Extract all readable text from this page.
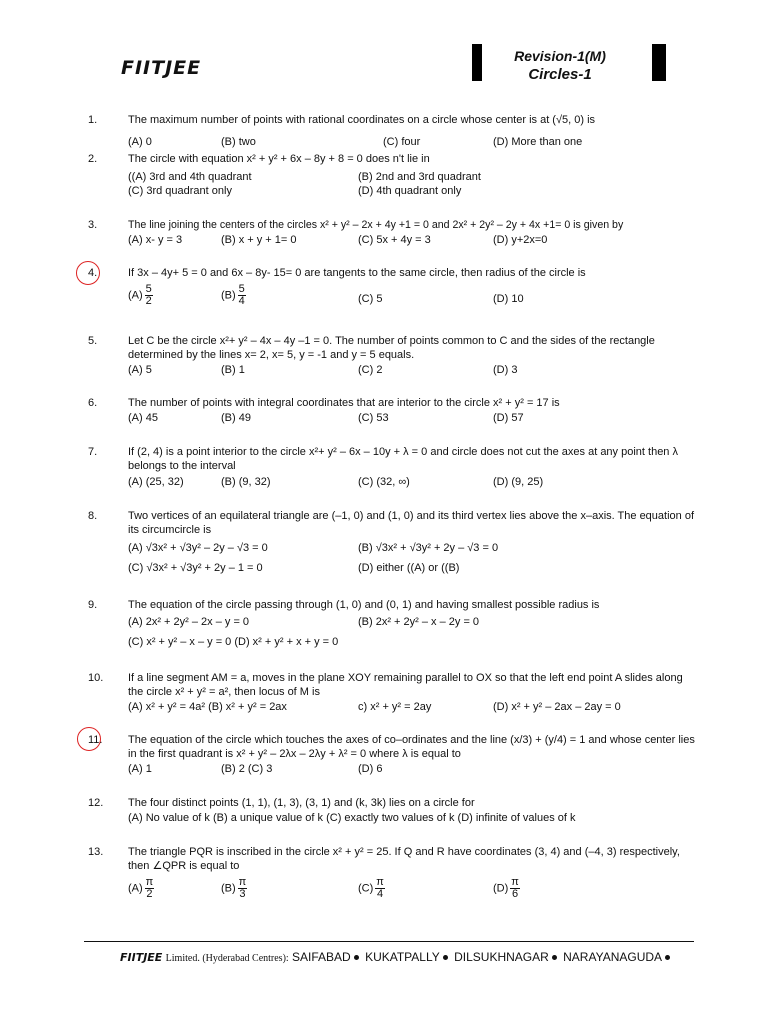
FIITJEE
Revision-1(M)
Circles-1
1.	The maximum number of points with rational coordinates on a circle whose center is at (√5, 0) is
(A) 0	(B) two	(C) four	(D) More than one
2.	The circle with equation x² + y² + 6x – 8y + 8 = 0 does n't lie in
((A) 3rd and 4th quadrant	(B) 2nd and 3rd quadrant
(C) 3rd quadrant only	(D) 4th quadrant only
3.	The line joining the centers of the circles x² + y² – 2x + 4y +1 = 0 and 2x² + 2y² – 2y + 4x +1= 0 is given by
(A) x- y = 3	(B) x + y + 1= 0	(C) 5x + 4y = 3	(D) y+2x=0
4.	If 3x – 4y+ 5 = 0 and 6x – 8y- 15= 0 are tangents to the same circle, then radius of the circle is
$(A) \frac{5}{2}$	$(B) \frac{5}{4}$	(C) 5	(D) 10
5.	Let C be the circle x²+ y² – 4x – 4y –1 = 0. The number of points common to C and the sides of the rectangle determined by the lines x= 2, x= 5, y = -1 and y = 5 equals.
(A) 5	(B) 1	(C) 2	(D) 3
6.	The number of points with integral coordinates that are interior to the circle x² + y² = 17 is
(A) 45	(B) 49	(C) 53	(D) 57
7.	If (2, 4) is a point interior to the circle x²+ y² – 6x – 10y + λ = 0 and circle does not cut the axes at any point then λ belongs to the interval
(A) (25, 32)	(B) (9, 32)	(C) (32, ∞)	(D) (9, 25)
8.	Two vertices of an equilateral triangle are (–1, 0) and (1, 0) and its third vertex lies above the x–axis. The equation of its circumcircle is
(A) √3x² + √3y² – 2y – √3 = 0	(B) √3x² + √3y² + 2y – √3 = 0
(C) √3x² + √3y² + 2y – 1 = 0	(D) either ((A) or ((B)
9.	The equation of the circle passing through (1, 0) and (0, 1) and having smallest possible radius is
(A) 2x² + 2y² – 2x – y = 0	(B) 2x² + 2y² – x – 2y = 0
(C) x² + y² – x – y = 0 (D) x² + y² + x + y = 0
10. If a line segment AM = a, moves in the plane XOY remaining parallel to OX so that the left end point A slides along the circle x² + y² = a², then locus of M is
(A) x² + y² = 4a² (B) x² + y² = 2ax	c) x² + y² = 2ay	(D) x² + y² – 2ax – 2ay = 0
11. The equation of the circle which touches the axes of co–ordinates and the line (x/3) + (y/4) = 1 and whose center lies in the first quadrant is x² + y² – 2λx – 2λy + λ² = 0 where λ is equal to
(A) 1	(B) 2 (C) 3	(D) 6
12. The four distinct points (1, 1), (1, 3), (3, 1) and (k, 3k) lies on a circle for
(A) No value of k (B) a unique value of k (C) exactly two values of k (D) infinite of values of k
13. The triangle PQR is inscribed in the circle x² + y² = 25. If Q and R have coordinates (3, 4) and (–4, 3) respectively, then ∠QPR is equal to
$(A) \frac{\pi}{2}$	$(B) \frac{\pi}{3}$	$(C) \frac{\pi}{4}$	$(D) \frac{\pi}{6}$
FIITJEE Limited. (Hyderabad Centres): SAIFABAD KUKATPALLY DILSUKHNAGAR NARAYANAGUDA
